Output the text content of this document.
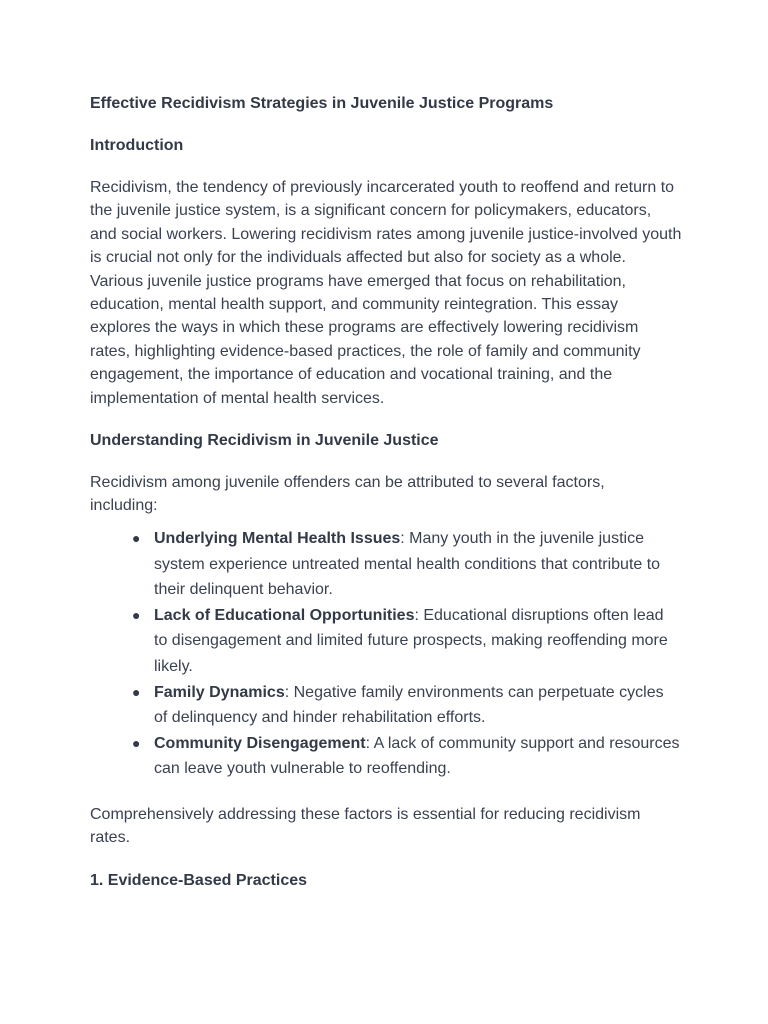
Effective Recidivism Strategies in Juvenile Justice Programs

Introduction

Recidivism, the tendency of previously incarcerated youth to reoffend and return to the juvenile justice system, is a significant concern for policymakers, educators, and social workers. Lowering recidivism rates among juvenile justice-involved youth is crucial not only for the individuals affected but also for society as a whole. Various juvenile justice programs have emerged that focus on rehabilitation, education, mental health support, and community reintegration. This essay explores the ways in which these programs are effectively lowering recidivism rates, highlighting evidence-based practices, the role of family and community engagement, the importance of education and vocational training, and the implementation of mental health services.

Understanding Recidivism in Juvenile Justice

Recidivism among juvenile offenders can be attributed to several factors, including:

● Underlying Mental Health Issues: Many youth in the juvenile justice system experience untreated mental health conditions that contribute to their delinquent behavior.
● Lack of Educational Opportunities: Educational disruptions often lead to disengagement and limited future prospects, making reoffending more likely.
● Family Dynamics: Negative family environments can perpetuate cycles of delinquency and hinder rehabilitation efforts.
● Community Disengagement: A lack of community support and resources can leave youth vulnerable to reoffending.

Comprehensively addressing these factors is essential for reducing recidivism rates.

1. Evidence-Based Practices
